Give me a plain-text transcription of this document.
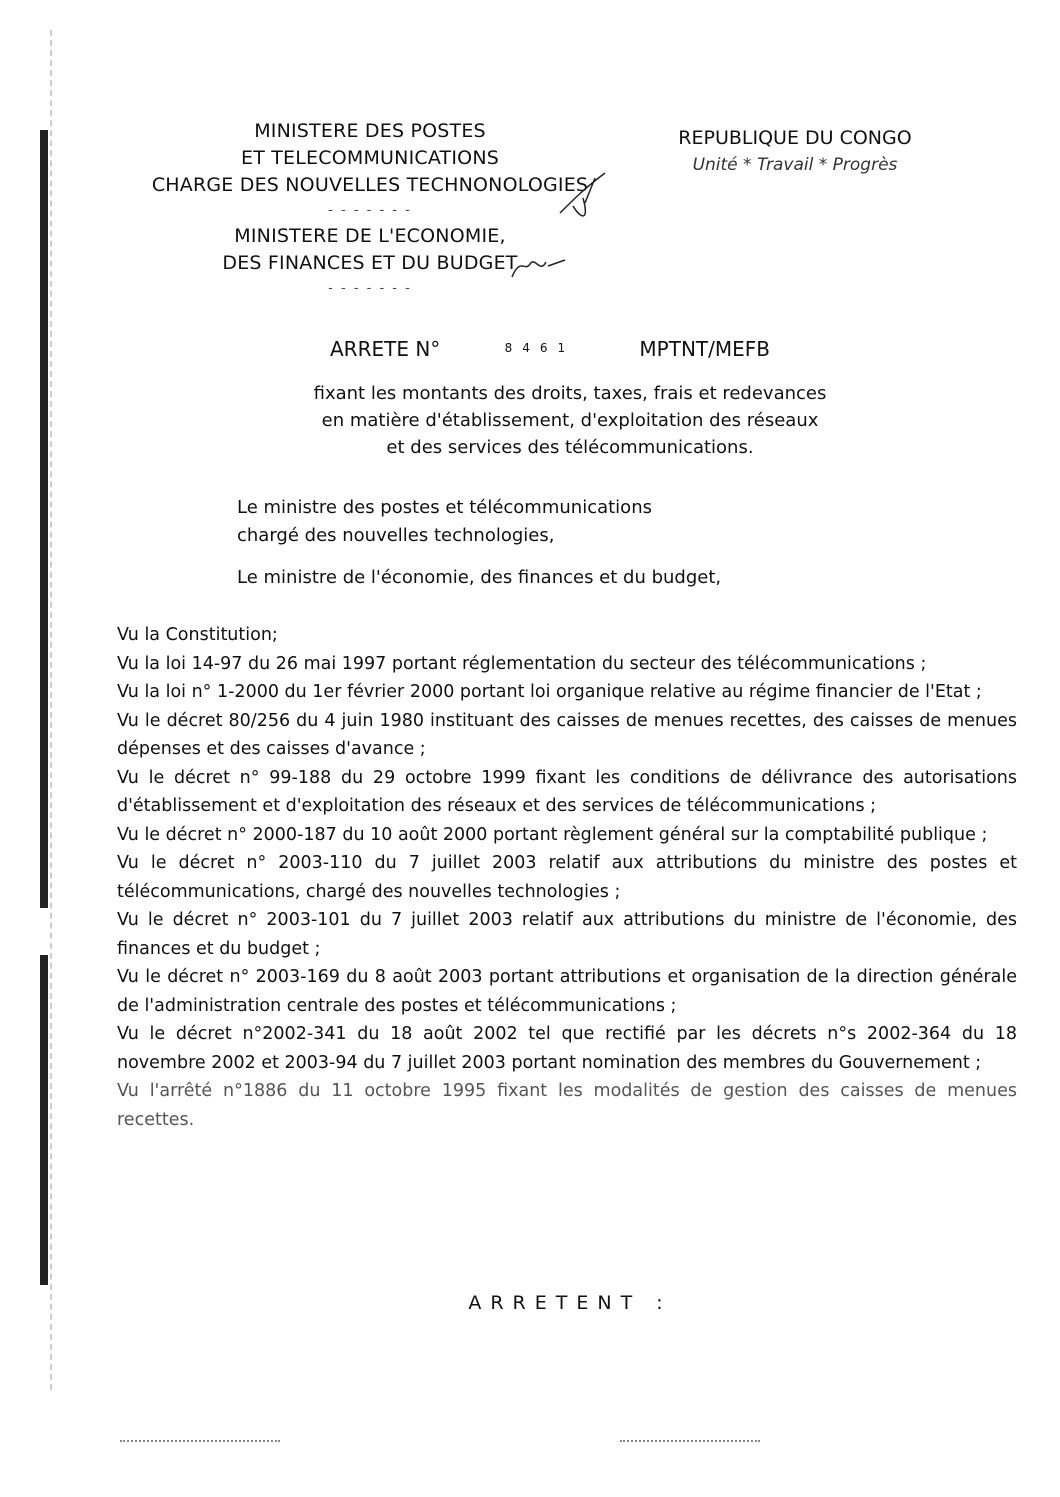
MINISTERE DES POSTES
ET TELECOMMUNICATIONS
CHARGE DES NOUVELLES TECHNONOLOGIES
- - - - - - -
MINISTERE DE L'ECONOMIE,
DES FINANCES ET DU BUDGET
- - - - - - -
REPUBLIQUE DU CONGO
Unité * Travail * Progrès
ARRETE N°	8461	MPTNT/MEFB
fixant les montants des droits, taxes, frais et redevances
en matière d'établissement, d'exploitation des réseaux
et des services des télécommunications.

Le ministre des postes et télécommunications

chargé des nouvelles technologies,

Le ministre de l'économie, des finances et du budget,

Vu la Constitution;

Vu la loi 14-97 du 26 mai 1997 portant réglementation du secteur des télécommunications ;

Vu la loi n° 1-2000 du 1er février 2000 portant loi organique relative au régime financier de l'Etat ;

Vu le décret 80/256 du 4 juin 1980 instituant des caisses de menues recettes, des caisses de menues dépenses et des caisses d'avance ;

Vu le décret n° 99-188 du 29 octobre 1999 fixant les conditions de délivrance des autorisations d'établissement et d'exploitation des réseaux et des services de télécommunications ;

Vu le décret n° 2000-187 du 10 août 2000 portant règlement général sur la comptabilité publique ;

Vu le décret n° 2003-110 du 7 juillet 2003 relatif aux attributions du ministre des postes et télécommunications, chargé des nouvelles technologies ;

Vu le décret n° 2003-101 du 7 juillet 2003 relatif aux attributions du ministre de l'économie, des finances et du budget ;

Vu le décret n° 2003-169 du 8 août 2003 portant attributions et organisation de la direction générale de l'administration centrale des postes et télécommunications ;

Vu le décret n°2002-341 du 18 août 2002 tel que rectifié par les décrets n°s 2002-364 du 18 novembre 2002 et 2003-94 du 7 juillet 2003 portant nomination des membres du Gouvernement ;

Vu l'arrêté n°1886 du 11 octobre 1995 fixant les modalités de gestion des caisses de menues recettes.

ARRETENT :
